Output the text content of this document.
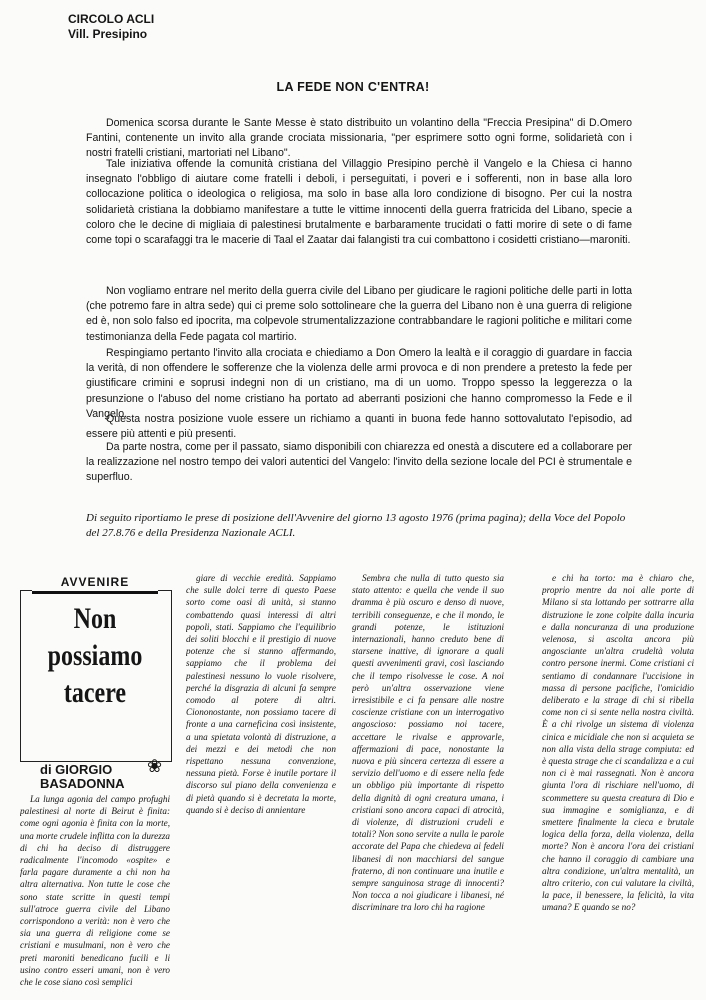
CIRCOLO ACLI
Vill. Presipino
LA FEDE NON C'ENTRA!

Domenica scorsa durante le Sante Messe è stato distribuito un volantino della "Freccia Presipina" di D.Omero Fantini, contenente un invito alla grande crociata missionaria, "per esprimere sotto ogni forme, solidarietà con i nostri fratelli cristiani, martoriati nel Libano".

Tale iniziativa offende la comunità cristiana del Villaggio Presipino perchè il Vangelo e la Chiesa ci hanno insegnato l'obbligo di aiutare come fratelli i deboli, i perseguitati, i poveri e i sofferenti, non in base alla loro collocazione politica o ideologica o religiosa, ma solo in base alla loro condizione di bisogno. Per cui la nostra solidarietà cristiana la dobbiamo manifestare a tutte le vittime innocenti della guerra fratricida del Libano, specie a coloro che le decine di migliaia di palestinesi brutalmente e barbaramente trucidati o fatti morire di sete o di fame come topi o scarafaggi tra le macerie di Taal el Zaatar dai falangisti tra cui combattono i cosidetti cristiano—maroniti.

Non vogliamo entrare nel merito della guerra civile del Libano per giudicare le ragioni politiche delle parti in lotta (che potremo fare in altra sede) qui ci preme solo sottolineare che la guerra del Libano non è una guerra di religione ed è, non solo falso ed ipocrita, ma colpevole strumentalizzazione contrabbandare le ragioni politiche e militari come testimonianza della Fede pagata col martirio.

Respingiamo pertanto l'invito alla crociata e chiediamo a Don Omero la lealtà e il coraggio di guardare in faccia la verità, di non offendere le sofferenze che la violenza delle armi provoca e di non prendere a pretesto la fede per giustificare crimini e soprusi indegni non di un cristiano, ma di un uomo. Troppo spesso la leggerezza o la presunzione o l'abuso del nome cristiano ha portato ad aberranti posizioni che hanno compromesso la Fede e il Vangelo.

Questa nostra posizione vuole essere un richiamo a quanti in buona fede hanno sottovalutato l'episodio, ad essere più attenti e più presenti.

Da parte nostra, come per il passato, siamo disponibili con chiarezza ed onestà a discutere ed a collaborare per la realizzazione nel nostro tempo dei valori autentici del Vangelo: l'invito della sezione locale del PCI è strumentale e superfluo.

Di seguito riportiamo le prese di posizione dell'Avvenire del giorno 13 agosto 1976 (prima pagina); della Voce del Popolo del 27.8.76 e della Presidenza Nazionale ACLI.

AVVENIRE
Non possiamo tacere
di GIORGIO
BASADONNA
❀

La lunga agonia del campo profughi palestinesi al norte di Beirut è finita: come ogni agonia è finita con la morte, una morte crudele inflitta con la durezza di chi ha deciso di distruggere radicalmente l'incomodo «ospite» e farla pagare duramente a chi non ha altra alternativa. Non tutte le cose che sono state scritte in questi tempi sull'atroce guerra civile del Libano corrispondono a verità: non è vero che sia una guerra di religione come se cristiani e musulmani, non è vero che preti maroniti benedicano fucili e li usino contro esseri umani, non è vero che le cose siano così semplici

giare di vecchie eredità. Sappiamo che sulle dolci terre di questo Paese sorto come oasi di unità, si stanno combattendo quasi interessi di altri popoli, stati. Sappiamo che l'equilibrio dei soliti blocchi e il prestigio di nuove potenze che si stanno affermando, sappiamo che il problema dei palestinesi nessuno lo vuole risolvere, perché la disgrazia di alcuni fa sempre comodo al potere di altri. Ciononostante, non possiamo tacere di fronte a una carneficina così insistente, a una spietata volontà di distruzione, a dei mezzi e dei metodi che non rispettano nessuna convenzione, nessuna pietà. Forse è inutile portare il discorso sul piano della convenienza e di pietà quando si è decretata la morte, quando si è deciso di annientare

Sembra che nulla di tutto questo sia stato attento: e quella che vende il suo dramma è più oscuro e denso di nuove, terribili conseguenze, e che il mondo, le grandi potenze, le istituzioni internazionali, hanno creduto bene di starsene inattive, di ignorare a quali questi avvenimenti gravi, così lasciando che il tempo risolvesse le cose. A noi però un'altra osservazione viene irresistibile e ci fa pensare alle nostre coscienze cristiane con un interrogativo angoscioso: possiamo noi tacere, accettare le rivalse e approvarle, affermazioni di pace, nonostante la nuova e più sincera certezza di essere a servizio dell'uomo e di essere nella fede un obbligo più importante di rispetto della dignità di ogni creatura umana, i cristiani sono ancora capaci di atrocità, di violenze, di distruzioni crudeli e totali? Non sono servite a nulla le parole accorate del Papa che chiedeva ai fedeli libanesi di non macchiarsi del sangue fraterno, di non continuare una inutile e sempre sanguinosa strage di innocenti? Non tocca a noi giudicare i libanesi, né discriminare tra loro chi ha ragione

e chi ha torto: ma è chiaro che, proprio mentre da noi alle porte di Milano si sta lottando per sottrarre alla distruzione le zone colpite dalla incuria e dalla noncuranza di una produzione velenosa, si ascolta ancora più angosciante un'altra crudeltà voluta contro persone inermi. Come cristiani ci sentiamo di condannare l'uccisione in massa di persone pacifiche, l'omicidio deliberato e la strage di chi si ribella come non ci si sente nella nostra civiltà. È a chi rivolge un sistema di violenza cinica e micidiale che non si acquieta se non alla vista della strage compiuta: ed è questa strage che ci scandalizza e a cui non ci è mai rassegnati. Non è ancora giunta l'ora di rischiare nell'uomo, di scommettere su questa creatura di Dio e sua immagine e somiglianza, e di smettere finalmente la cieca e brutale logica della forza, della violenza, della morte? Non è ancora l'ora dei cristiani che hanno il coraggio di cambiare una altra condizione, un'altra mentalità, un altro criterio, con cui valutare la civiltà, la pace, il benessere, la felicità, la vita umana? E quando se no?
